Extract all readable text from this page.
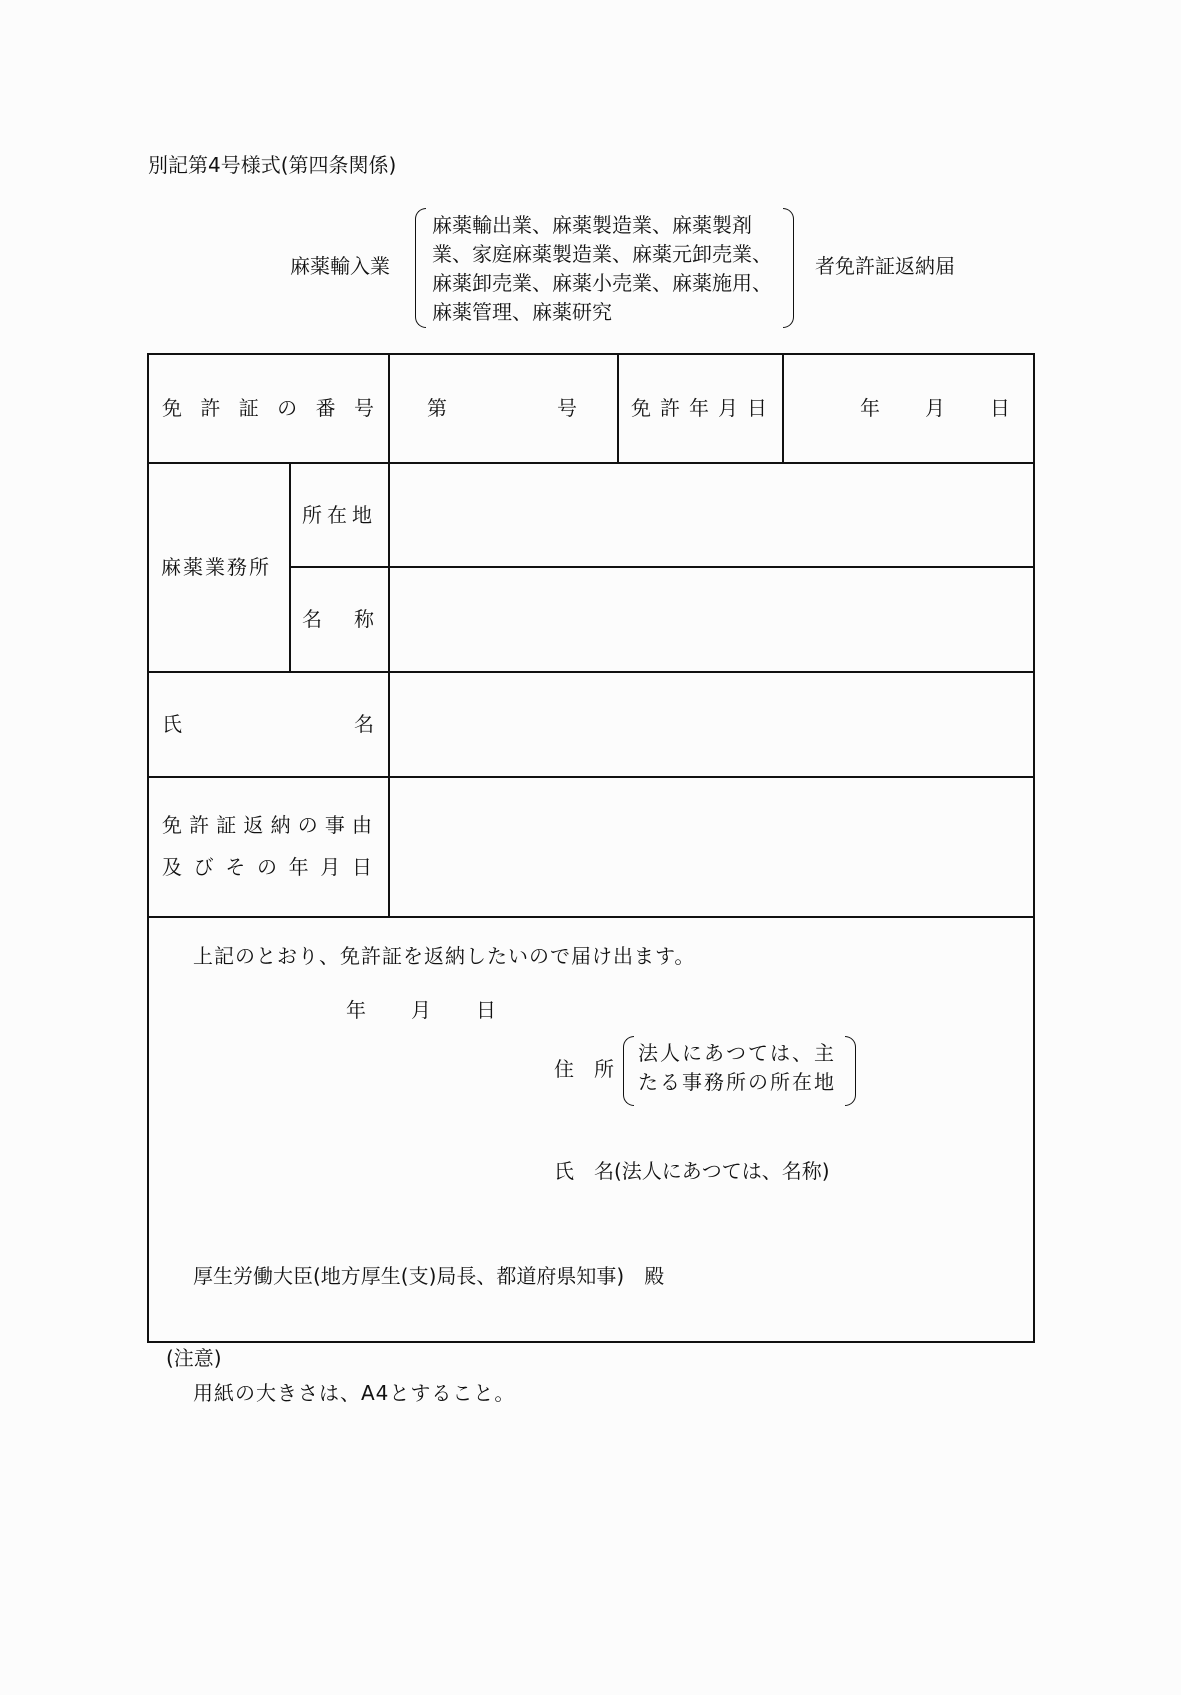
別記第4号様式(第四条関係)
麻薬輸入業
麻薬輸出業、麻薬製造業、麻薬製剤
業、家庭麻薬製造業、麻薬元卸売業、
麻薬卸売業、麻薬小売業、麻薬施用、
麻薬管理、麻薬研究
者免許証返納届
免 許 証 の 番 号	第	号	免 許 年 月 日	年 月 日
麻薬業務所
所在地
名 称
氏	名
免 許 証 返 納 の 事 由
及 び そ の 年 月 日
上記のとおり、免許証を返納したいので届け出ます。
年 月 日
住　所
法人にあつては、主
たる事務所の所在地
氏　名(法人にあつては、名称)
厚生労働大臣(地方厚生(支)局長、都道府県知事)　殿
(注意)
用紙の大きさは、A4とすること。
